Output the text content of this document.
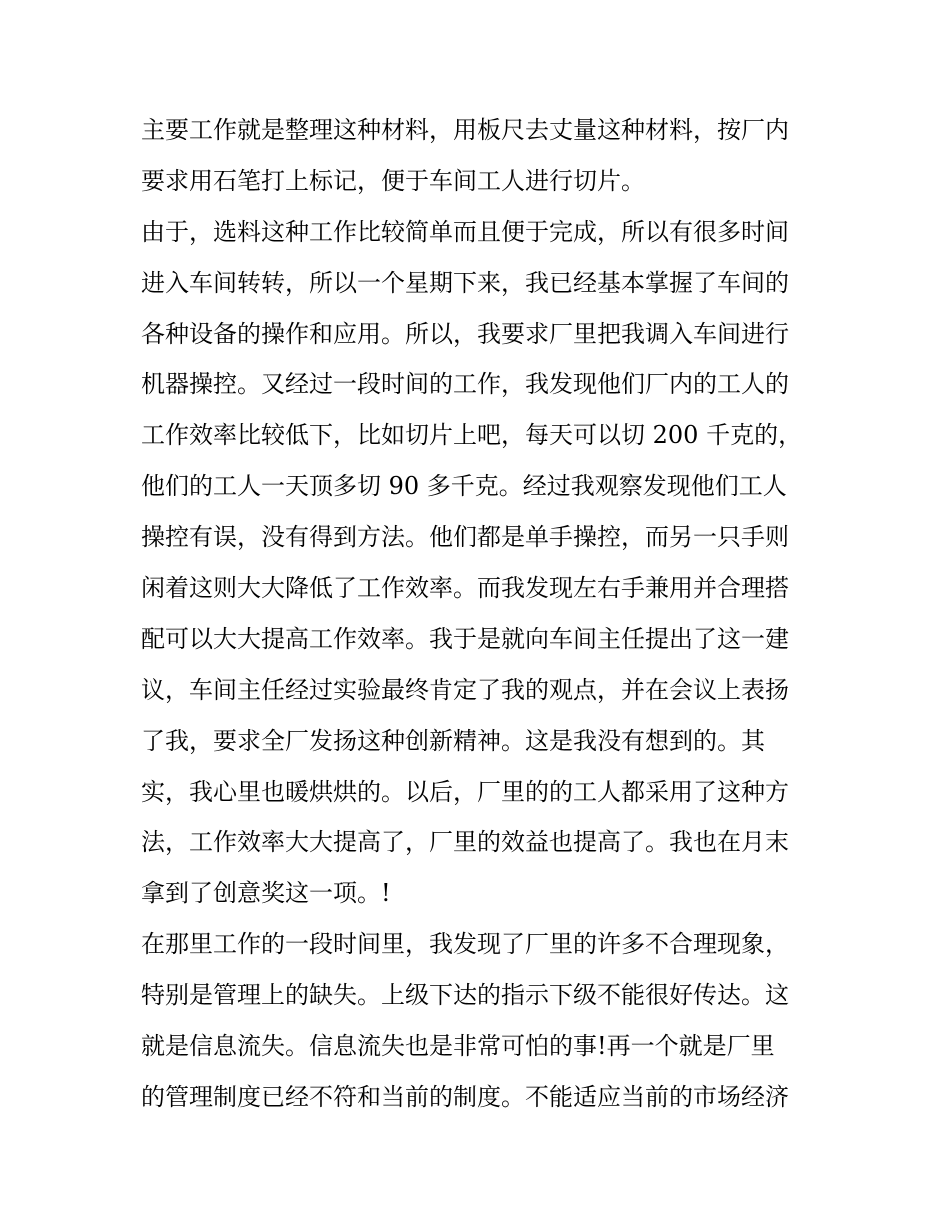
主要工作就是整理这种材料，用板尺去丈量这种材料，按厂内
要求用石笔打上标记，便于车间工人进行切片。
由于，选料这种工作比较简单而且便于完成，所以有很多时间
进入车间转转，所以一个星期下来，我已经基本掌握了车间的
各种设备的操作和应用。所以，我要求厂里把我调入车间进行
机器操控。又经过一段时间的工作，我发现他们厂内的工人的
工作效率比较低下，比如切片上吧，每天可以切 200 千克的，
他们的工人一天顶多切 90 多千克。经过我观察发现他们工人
操控有误，没有得到方法。他们都是单手操控，而另一只手则
闲着这则大大降低了工作效率。而我发现左右手兼用并合理搭
配可以大大提高工作效率。我于是就向车间主任提出了这一建
议，车间主任经过实验最终肯定了我的观点，并在会议上表扬
了我，要求全厂发扬这种创新精神。这是我没有想到的。其
实，我心里也暖烘烘的。以后，厂里的的工人都采用了这种方
法，工作效率大大提高了，厂里的效益也提高了。我也在月末
拿到了创意奖这一项。!
在那里工作的一段时间里，我发现了厂里的许多不合理现象，
特别是管理上的缺失。上级下达的指示下级不能很好传达。这
就是信息流失。信息流失也是非常可怕的事!再一个就是厂里
的管理制度已经不符和当前的制度。不能适应当前的市场经济
